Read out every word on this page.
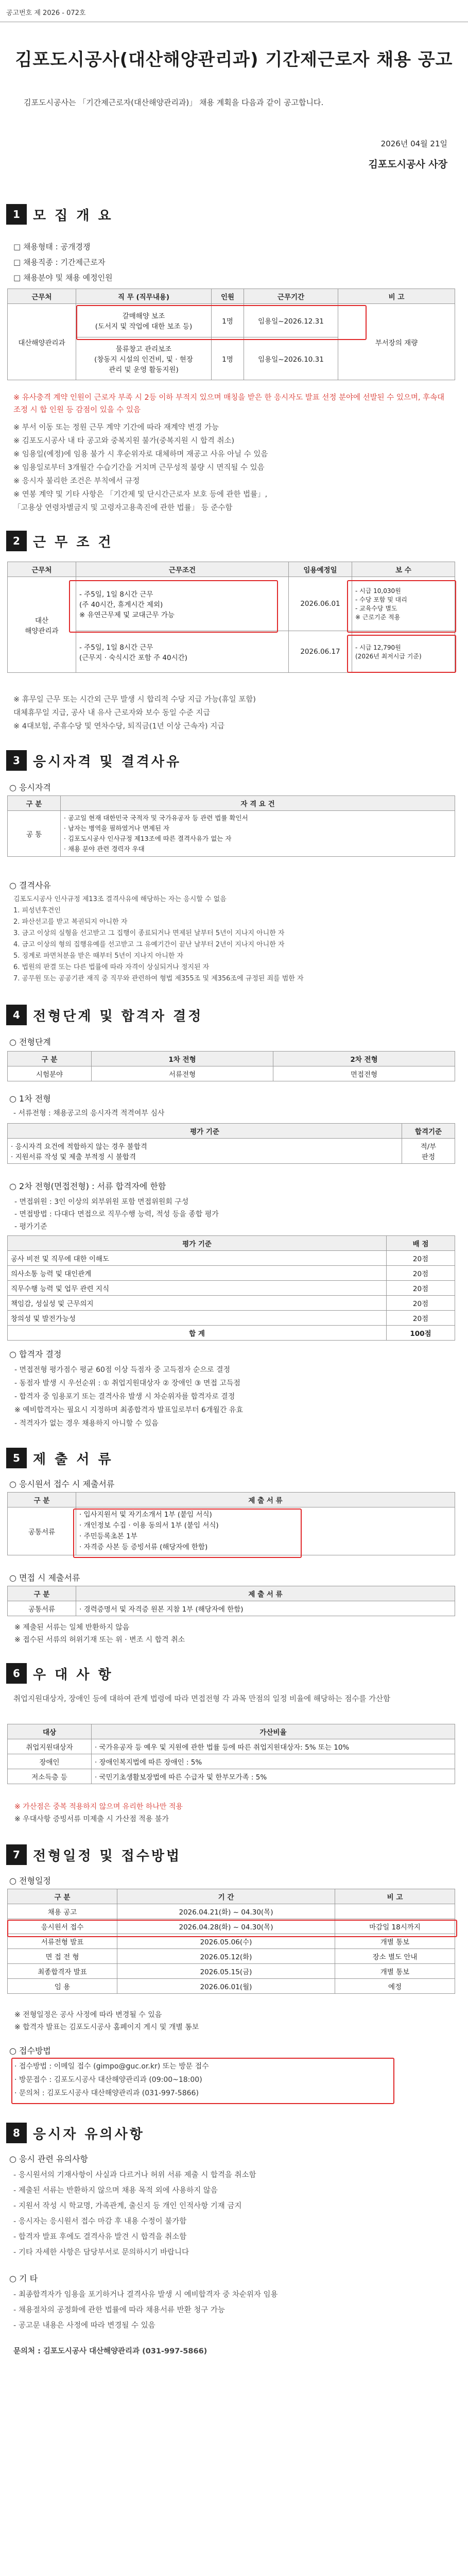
공고번호 제 2026 - 072호
김포도시공사(대산해양관리과) 기간제근로자 채용 공고
김포도시공사는 「기간제근로자(대산해양관리과)」 채용 계획을 다음과 같이 공고합니다.
2026년 04월 21일
김포도시공사 사장
1 모 집 개 요
□ 채용형태 : 공개경쟁
□ 채용직종 : 기간제근로자
□ 채용분야 및 채용 예정인원
근무처	직 무 (직무내용)	인원	근무기간	비 고
대산해양관리과	갈매해양 보조
(도서지 및 작업에 대한 보조 등)	1명	임용일~2026.12.31	부서장의 재량
	물류창고 관리보조
(창동지 시설의 인건비, 및 · 현장
관리 및 운영 활동지원)	1명	임용일~2026.10.31	
※ 유사충격 계약 인원이 근로자 부족 시 2등 이하 부적지 있으며 매칭을 받은 한 응시자도 발표 선정 분야에 선발된 수 있으며, 후속대조정 시 합 인원 등 감점이 있을 수 있음
※ 부서 이동 또는 정원 근무 계약 기간에 따라 재계약 변경 가능
※ 김포도시공사 내 타 공고와 중복지원 불가(중복지원 시 합격 취소)
※ 임용일(예정)에 임용 불가 시 후순위자로 대체하며 재공고 사유 아닐 수 있음
※ 임용일로부터 3개월간 수습기간을 거치며 근무성적 불량 시 면직될 수 있음
※ 응시자 불리한 조건은 부칙에서 규정
※ 연봉 계약 및 기타 사항은 「기간제 및 단시간근로자 보호 등에 관한 법률」,
「고용상 연령차별금지 및 고령자고용촉진에 관한 법률」 등 준수함
2 근 무 조 건
근무처	근무조건	임용예정일	보 수
대산
해양관리과	- 주5일, 1일 8시간 근무
(주 40시간, 휴게시간 제외)
※ 유연근무제 및 교대근무 가능	2026.06.01	- 시급 10,030원
- 수당 포함 및 대리
- 교육수당 별도
※ 근로기준 적용
	- 주5일, 1일 8시간 근무
(근무지 · 숙식시간 포함 주 40시간)	2026.06.17	- 시급 12,790원
(2026년 최저시급 기준)
※ 휴무일 근무 또는 시간외 근무 발생 시 합리적 수당 지급 가능(휴일 포함)
대체휴무일 지급, 공사 내 유사 근로자와 보수 동일 수준 지급
※ 4대보험, 주휴수당 및 연차수당, 퇴직금(1년 이상 근속자) 지급
3 응시자격 및 결격사유
○ 응시자격
구 분	자 격 요 건
공 통	· 공고일 현재 대한민국 국적자 및 국가유공자 등 관련 법률 확인서
· 남자는 병역을 필하였거나 면제된 자
· 김포도시공사 인사규정 제13조에 따른 결격사유가 없는 자
· 채용 분야 관련 경력자 우대
○ 결격사유
김포도시공사 인사규정 제13조 결격사유에 해당하는 자는 응시할 수 없음
1. 피성년후견인
2. 파산선고를 받고 복권되지 아니한 자
3. 금고 이상의 실형을 선고받고 그 집행이 종료되거나 면제된 날부터 5년이 지나지 아니한 자
4. 금고 이상의 형의 집행유예를 선고받고 그 유예기간이 끝난 날부터 2년이 지나지 아니한 자
5. 징계로 파면처분을 받은 때부터 5년이 지나지 아니한 자
6. 법원의 판결 또는 다른 법률에 따라 자격이 상실되거나 정지된 자
7. 공무원 또는 공공기관 재직 중 직무와 관련하여 형법 제355조 및 제356조에 규정된 죄를 범한 자
4 전형단계 및 합격자 결정
○ 전형단계
구 분	1차 전형	2차 전형
시험분야	서류전형	면접전형
○ 1차 전형
- 서류전형 : 채용공고의 응시자격 적격여부 심사
평가 기준	합격기준
· 응시자격 요건에 적합하지 않는 경우 불합격
· 지원서류 작성 및 제출 부적정 시 불합격	적/부
판정
○ 2차 전형(면접전형) : 서류 합격자에 한함
- 면접위원 : 3인 이상의 외부위원 포함 면접위원회 구성
- 면접방법 : 다대다 면접으로 직무수행 능력, 적성 등을 종합 평가
- 평가기준
평가 기준	배 점
공사 비전 및 직무에 대한 이해도	20점
의사소통 능력 및 대인관계	20점
직무수행 능력 및 업무 관련 지식	20점
책임감, 성실성 및 근무의지	20점
창의성 및 발전가능성	20점
합 계	100점
○ 합격자 결정
- 면접전형 평가점수 평균 60점 이상 득점자 중 고득점자 순으로 결정
- 동점자 발생 시 우선순위 : ① 취업지원대상자 ② 장애인 ③ 면접 고득점
- 합격자 중 임용포기 또는 결격사유 발생 시 차순위자를 합격자로 결정
※ 예비합격자는 필요시 지정하며 최종합격자 발표일로부터 6개월간 유효
- 적격자가 없는 경우 채용하지 아니할 수 있음
5 제 출 서 류
○ 응시원서 접수 시 제출서류
구 분	제 출 서 류
공통서류	· 입사지원서 및 자기소개서 1부 (붙임 서식)
· 개인정보 수집 · 이용 동의서 1부 (붙임 서식)
· 주민등록초본 1부
· 자격증 사본 등 증빙서류 (해당자에 한함)
○ 면접 시 제출서류
구 분	제 출 서 류
공통서류	· 경력증명서 및 자격증 원본 지참 1부 (해당자에 한함)
※ 제출된 서류는 일체 반환하지 않음
※ 접수된 서류의 허위기재 또는 위 · 변조 시 합격 취소
6 우 대 사 항
취업지원대상자, 장애인 등에 대하여 관계 법령에 따라 면접전형 각 과목 만점의 일정 비율에 해당하는 점수를 가산함
대상	가산비율
취업지원대상자	· 국가유공자 등 예우 및 지원에 관한 법률 등에 따른 취업지원대상자: 5% 또는 10%
장애인	· 장애인복지법에 따른 장애인 : 5%
저소득층 등	· 국민기초생활보장법에 따른 수급자 및 한부모가족 : 5%
※ 가산점은 중복 적용하지 않으며 유리한 하나만 적용
※ 우대사항 증빙서류 미제출 시 가산점 적용 불가
7 전형일정 및 접수방법
○ 전형일정
구 분	기 간	비 고
채용 공고	2026.04.21(화) ~ 04.30(목)	
응시원서 접수	2026.04.28(화) ~ 04.30(목)	마감일 18시까지
서류전형 발표	2026.05.06(수)	개별 통보
면 접 전 형	2026.05.12(화)	장소 별도 안내
최종합격자 발표	2026.05.15(금)	개별 통보
임 용	2026.06.01(월)	예정
※ 전형일정은 공사 사정에 따라 변경될 수 있음
※ 합격자 발표는 김포도시공사 홈페이지 게시 및 개별 통보
○ 접수방법
· 접수방법 : 이메일 접수 (gimpo@guc.or.kr) 또는 방문 접수
· 방문접수 : 김포도시공사 대산해양관리과 (09:00~18:00)
· 문의처 : 김포도시공사 대산해양관리과 (031-997-5866)
8 응시자 유의사항
○ 응시 관련 유의사항
- 응시원서의 기재사항이 사실과 다르거나 허위 서류 제출 시 합격을 취소함
- 제출된 서류는 반환하지 않으며 채용 목적 외에 사용하지 않음
- 지원서 작성 시 학교명, 가족관계, 출신지 등 개인 인적사항 기재 금지
- 응시자는 응시원서 접수 마감 후 내용 수정이 불가함
- 합격자 발표 후에도 결격사유 발견 시 합격을 취소함
- 기타 자세한 사항은 담당부서로 문의하시기 바랍니다
○ 기 타
- 최종합격자가 임용을 포기하거나 결격사유 발생 시 예비합격자 중 차순위자 임용
- 채용절차의 공정화에 관한 법률에 따라 채용서류 반환 청구 가능
- 공고문 내용은 사정에 따라 변경될 수 있음
문의처 : 김포도시공사 대산해양관리과 (031-997-5866)
